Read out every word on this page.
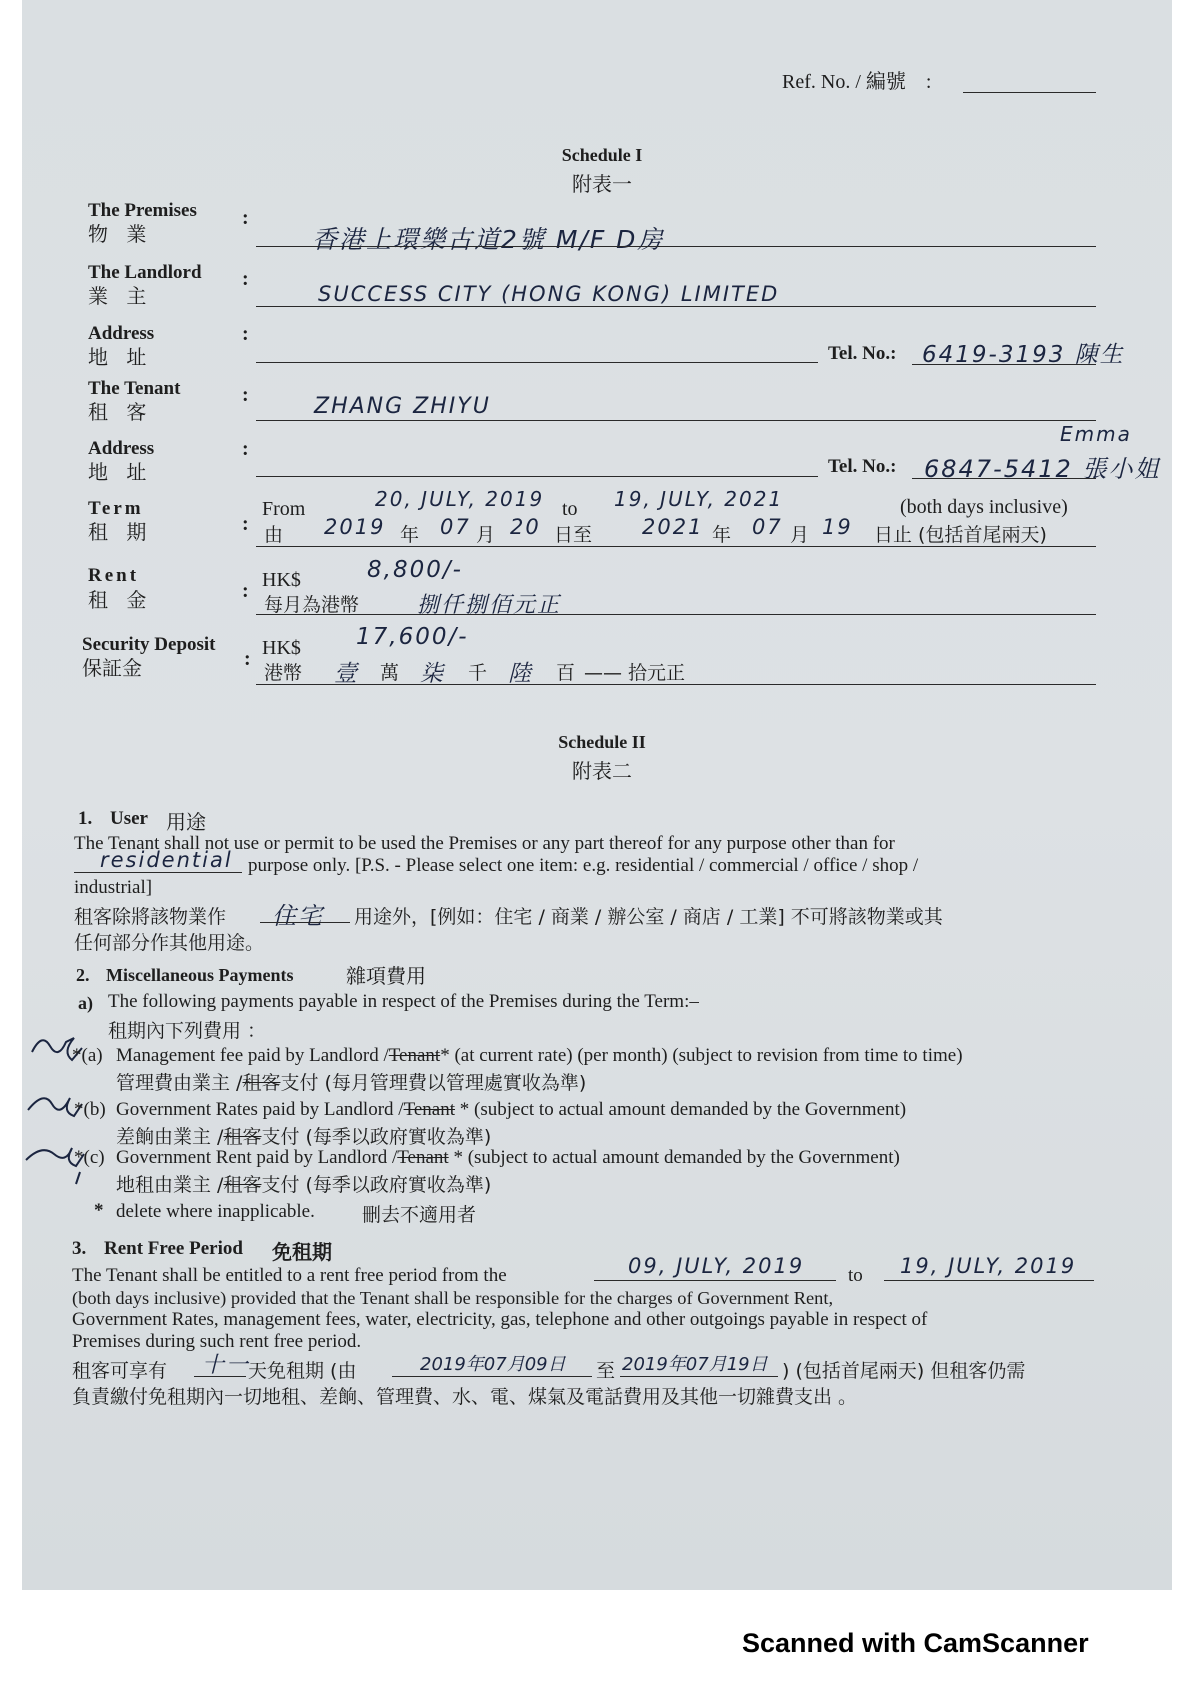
Ref. No. / 編號　:
Schedule I
附表一
The Premises
物 業
:
香港上環樂古道2號 M/F D房
The Landlord
業 主
:
SUCCESS CITY (HONG KONG) LIMITED
Address
地 址
:
Tel. No.: 6419-3193 陳生
The Tenant
租 客
:	ZHANG ZHIYU
Address
地 址
:
Tel. No.:
Emma
6847-5412 張小姐
Term
租 期	:
From	20, JULY, 2019 to 19, JULY, 2021	(both days inclusive)
由 2019 年 07 月 20 日至 2021 年 07 月 19 日止 (包括首尾兩天)
Rent
租 金	: HK$	8,800/-
每月為港幣	捌仟捌佰元正
Security Deposit
保証金	: HK$ 17,600/-
港幣 壹 萬 柒 千 陸 百 —— 拾元正
Schedule II
附表二
1. User 用途
The Tenant shall not use or permit to be used the Premises or any part thereof for any purpose other than for
residential purpose only. [P.S. - Please select one item: e.g. residential / commercial / office / shop /
industrial]
租客除將該物業作 住宅 用途外，[例如：住宅 / 商業 / 辦公室 / 商店 / 工業] 不可將該物業或其
任何部分作其他用途。
2. Miscellaneous Payments	雜項費用
a) The following payments payable in respect of the Premises during the Term:–
租期內下列費用 ：
*(a) Management fee paid by Landlord /Tenant* (at current rate) (per month) (subject to revision from time to time)
管理費由業主 /租客支付 (每月管理費以管理處實收為準)
*(b) Government Rates paid by Landlord /Tenant * (subject to actual amount demanded by the Government)
差餉由業主 /租客支付 (每季以政府實收為準)
*(c) Government Rent paid by Landlord /Tenant * (subject to actual amount demanded by the Government)
地租由業主 /租客支付 (每季以政府實收為準)
* delete where inapplicable. 刪去不適用者
3. Rent Free Period 免租期
The Tenant shall be entitled to a rent free period from the	09, JULY, 2019 to 19, JULY, 2019
(both days inclusive) provided that the Tenant shall be responsible for the charges of Government Rent,
Government Rates, management fees, water, electricity, gas, telephone and other outgoings payable in respect of
Premises during such rent free period.
租客可享有 十一
天免租期 (由	2019年07月09日 至 2019年07月19日 ) (包括首尾兩天) 但租客仍需
負責繳付免租期內一切地租、差餉、管理費、水、電、煤氣及電話費用及其他一切雜費支出 。
Scanned with CamScanner
